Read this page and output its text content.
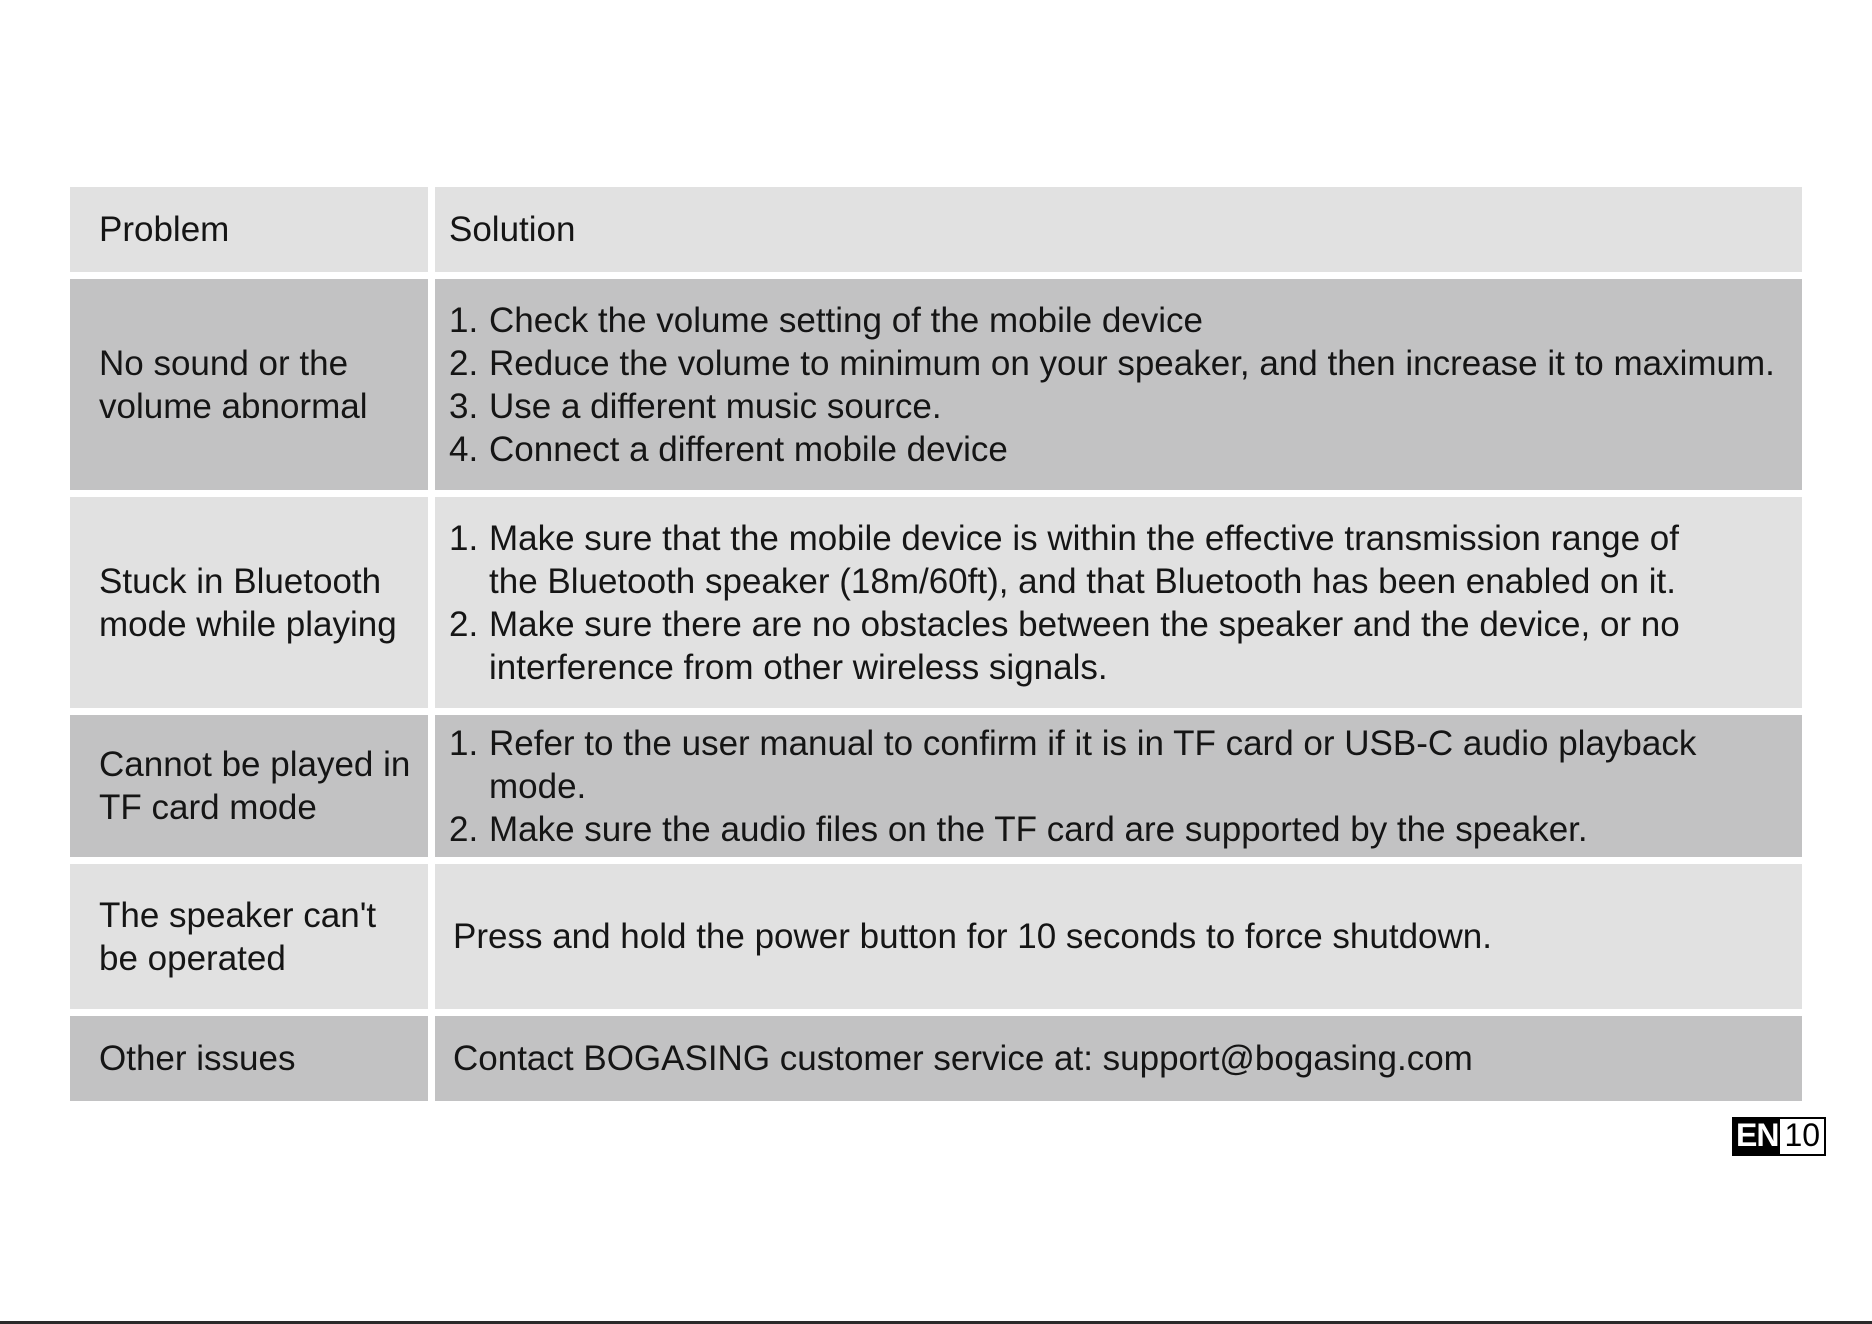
Problem	Solution
No sound or the
volume abnormal
1. Check the volume setting of the mobile device
2. Reduce the volume to minimum on your speaker, and then increase it to maximum.
3. Use a different music source.
4. Connect a different mobile device
Stuck in Bluetooth
mode while playing
1. Make sure that the mobile device is within the effective transmission range of
the Bluetooth speaker (18m/60ft), and that Bluetooth has been enabled on it.
2. Make sure there are no obstacles between the speaker and the device, or no
interference from other wireless signals.
Cannot be played in
TF card mode
1. Refer to the user manual to confirm if it is in TF card or USB-C audio playback
mode.
2. Make sure the audio files on the TF card are supported by the speaker.
The speaker can't
be operated
Press and hold the power button for 10 seconds to force shutdown.
Other issues	Contact BOGASING customer service at: support@bogasing.com
EN 10
